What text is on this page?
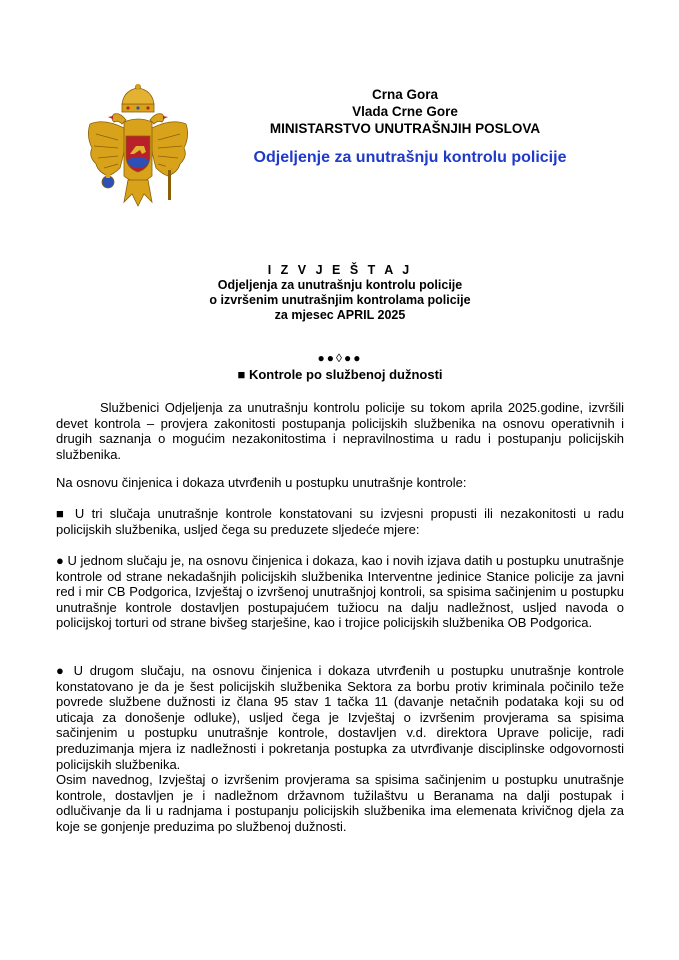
Crna Gora
Vlada Crne Gore
MINISTARSTVO UNUTRAŠNJIH POSLOVA
Odjeljenje za unutrašnju kontrolu policije
I Z V J E Š T A J
Odjeljenja za unutrašnju kontrolu policije
o izvršenim unutrašnjim kontrolama policije
za mjesec APRIL 2025
●●◊●●
■ Kontrole po službenoj dužnosti
Službenici Odjeljenja za unutrašnju kontrolu policije su tokom aprila 2025.godine, izvršili devet kontrola – provjera zakonitosti postupanja policijskih službenika na osnovu operativnih i drugih saznanja o mogućim nezakonitostima i nepravilnostima u radu i postupanju policijskih službenika.
Na osnovu činjenica i dokaza utvrđenih u postupku unutrašnje kontrole:
■ U tri slučaja unutrašnje kontrole konstatovani su izvjesni propusti ili nezakonitosti u radu policijskih službenika, usljed čega su preduzete sljedeće mjere:
● U jednom slučaju je, na osnovu činjenica i dokaza, kao i novih izjava datih u postupku unutrašnje kontrole od strane nekadašnjih policijskih službenika Interventne jedinice Stanice policije za javni red i mir CB Podgorica, Izvještaj o izvršenoj unutrašnjoj kontroli, sa spisima sačinjenim u postupku unutrašnje kontrole dostavljen postupajućem tužiocu na dalju nadležnost, usljed navoda o policijskoj torturi od strane bivšeg starješine, kao i trojice policijskih službenika OB Podgorica.
● U drugom slučaju, na osnovu činjenica i dokaza utvrđenih u postupku unutrašnje kontrole konstatovano je da je šest policijskih službenika Sektora za borbu protiv kriminala počinilo teže povrede službene dužnosti iz člana 95 stav 1 tačka 11 (davanje netačnih podataka koji su od uticaja za donošenje odluke), usljed čega je Izvještaj o izvršenim provjerama sa spisima sačinjenim u postupku unutrašnje kontrole, dostavljen v.d. direktora Uprave policije, radi preduzimanja mjera iz nadležnosti i pokretanja postupka za utvrđivanje disciplinske odgovornosti policijskih službenika.
Osim navednog, Izvještaj o izvršenim provjerama sa spisima sačinjenim u postupku unutrašnje kontrole, dostavljen je i nadležnom državnom tužilaštvu u Beranama na dalji postupak i odlučivanje da li u radnjama i postupanju policijskih službenika ima elemenata krivičnog djela za koje se gonjenje preduzima po službenoj dužnosti.
